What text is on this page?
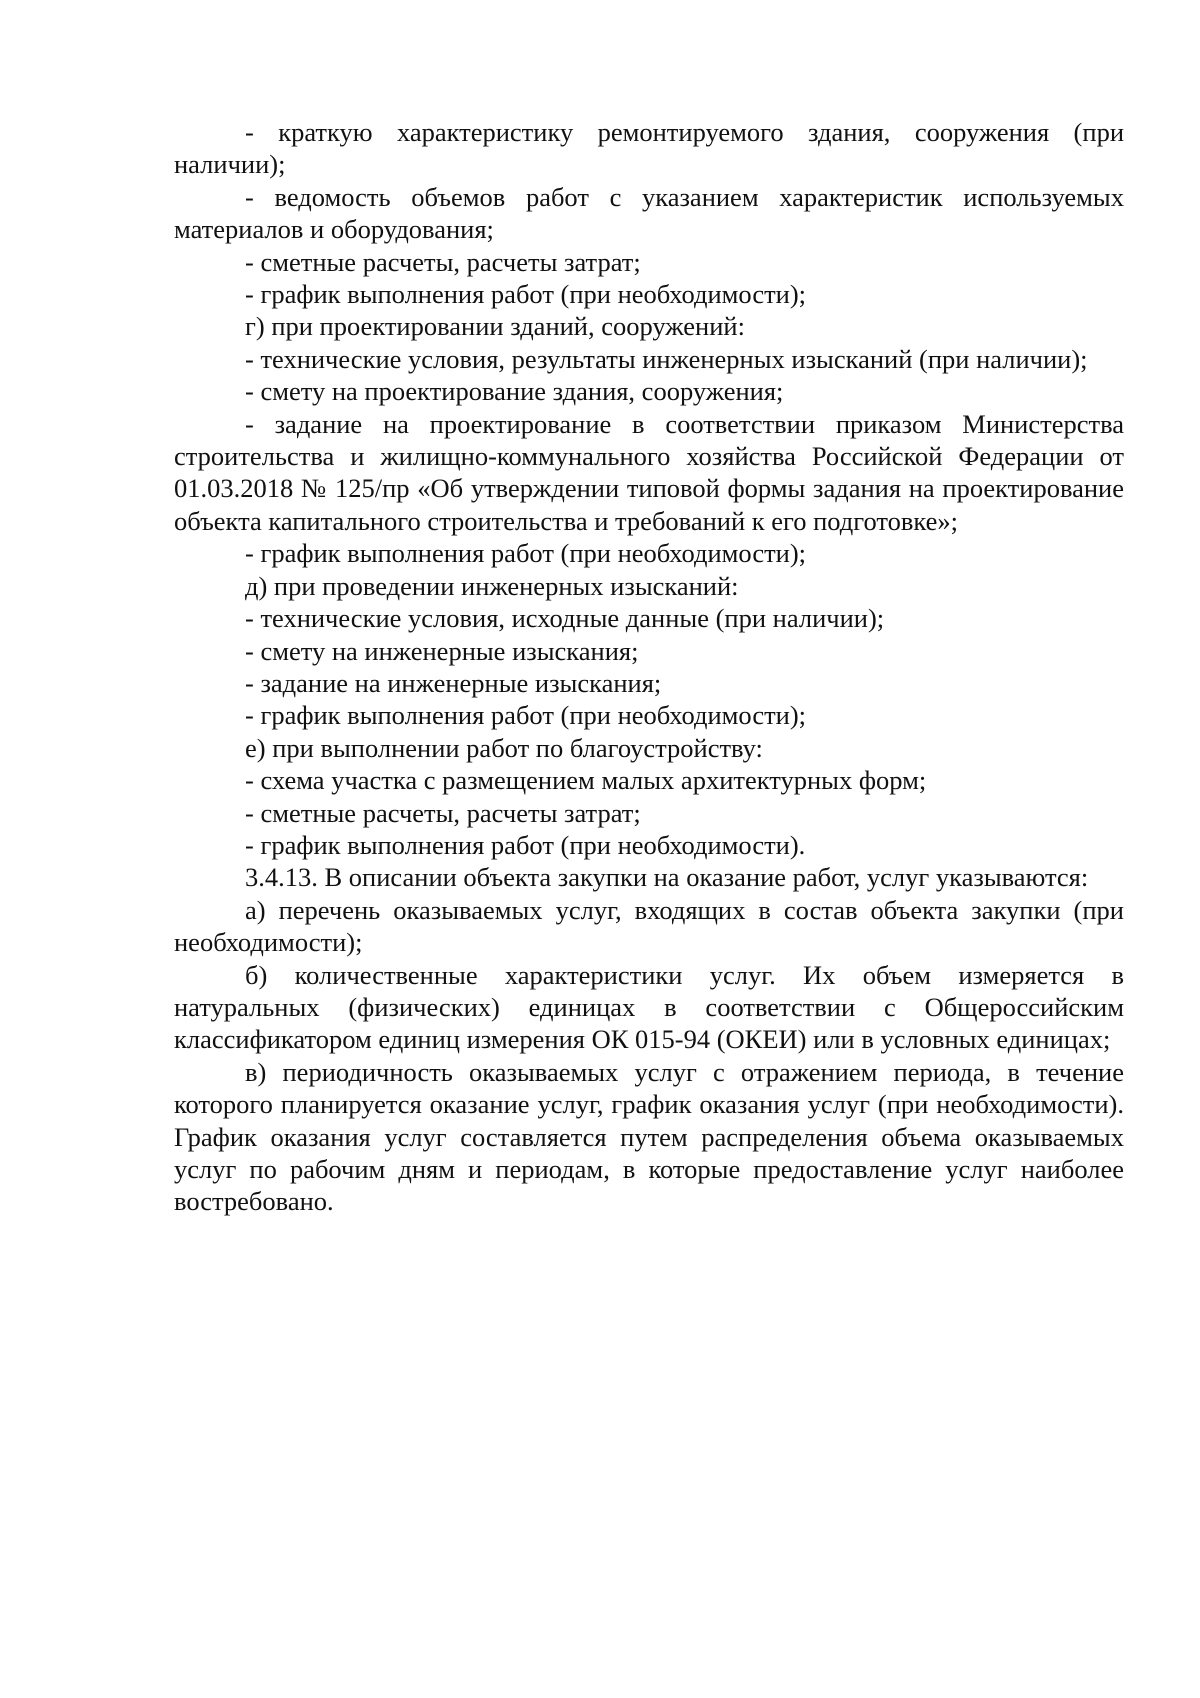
- краткую характеристику ремонтируемого здания, сооружения (при наличии);

- ведомость объемов работ с указанием характеристик используемых материалов и оборудования;

- сметные расчеты, расчеты затрат;

- график выполнения работ (при необходимости);

г) при проектировании зданий, сооружений:

- технические условия, результаты инженерных изысканий (при наличии);

- смету на проектирование здания, сооружения;

- задание на проектирование в соответствии приказом Министерства строительства и жилищно-коммунального хозяйства Российской Федерации от 01.03.2018 № 125/пр «Об утверждении типовой формы задания на проектирование объекта капитального строительства и требований к его подготовке»;

- график выполнения работ (при необходимости);

д) при проведении инженерных изысканий:

- технические условия, исходные данные (при наличии);

- смету на инженерные изыскания;

- задание на инженерные изыскания;

- график выполнения работ (при необходимости);

е) при выполнении работ по благоустройству:

- схема участка с размещением малых архитектурных форм;

- сметные расчеты, расчеты затрат;

- график выполнения работ (при необходимости).

3.4.13. В описании объекта закупки на оказание работ, услуг указываются:

а) перечень оказываемых услуг, входящих в состав объекта закупки (при необходимости);

б) количественные характеристики услуг. Их объем измеряется в натуральных (физических) единицах в соответствии с Общероссийским классификатором единиц измерения ОК 015-94 (ОКЕИ) или в условных единицах;

в) периодичность оказываемых услуг с отражением периода, в течение которого планируется оказание услуг, график оказания услуг (при необходимости). График оказания услуг составляется путем распределения объема оказываемых услуг по рабочим дням и периодам, в которые предоставление услуг наиболее востребовано.
